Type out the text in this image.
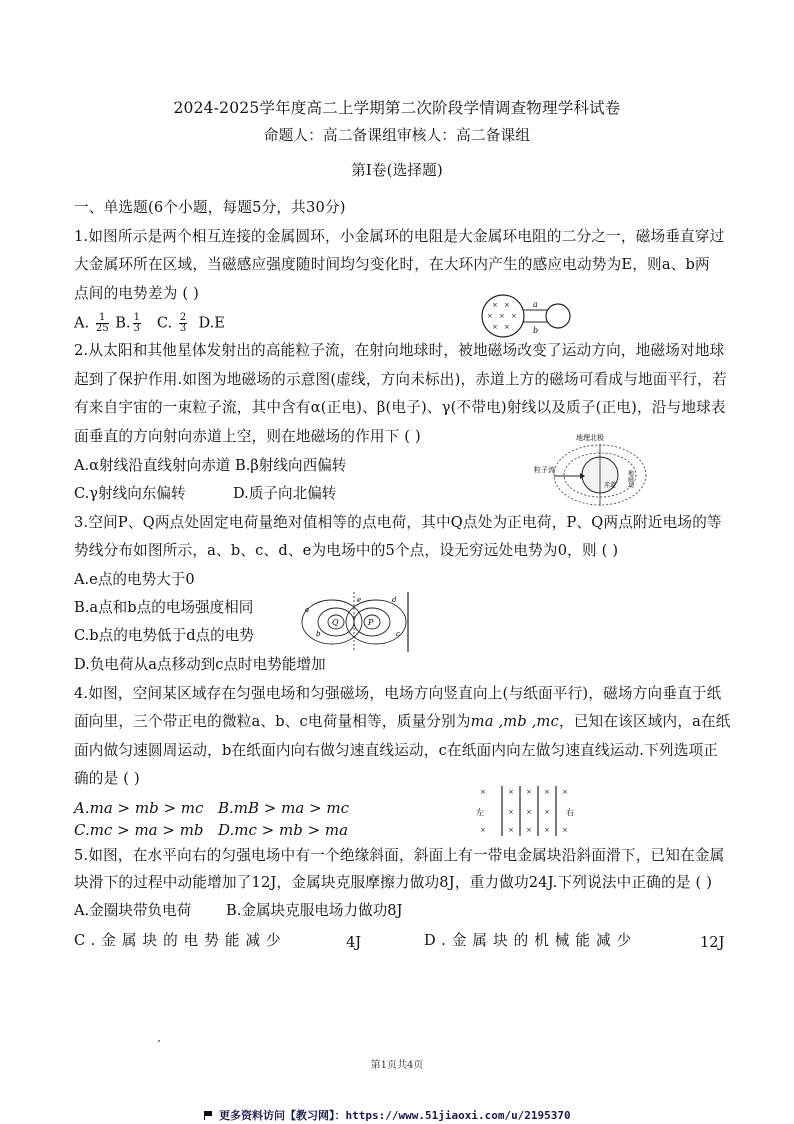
2024-2025学年度高二上学期第二次阶段学情调查物理学科试卷
命题人：高二备课组审核人：高二备课组
第Ⅰ卷(选择题)
一、单选题(6个小题，每题5分，共30分)
1.如图所示是两个相互连接的金属圆环，小金属环的电阻是大金属环电阻的二分之一，磁场垂直穿过
大金属环所在区域，当磁感应强度随时间均匀变化时，在大环内产生的感应电动势为E，则a、b两
点间的电势差为 ( )
A. $\frac{1}{25} B$. $\frac{1}{3} C$. $\frac{2}{3} D.E$
× ×
× × ×
× ×
a
b
2.从太阳和其他星体发射出的高能粒子流，在射向地球时，被地磁场改变了运动方向，地磁场对地球
起到了保护作用.如图为地磁场的示意图(虚线，方向未标出)，赤道上方的磁场可看成与地面平行，若
有来自宇宙的一束粒子流，其中含有α(正电)、β(电子)、γ(不带电)射线以及质子(正电)，沿与地球表
面垂直的方向射向赤道上空，则在地磁场的作用下 ( )
A.α射线沿直线射向赤道 B.β射线向西偏转
C.γ射线向东偏转	D.质子向北偏转
地理北极
粒子流
赤道 地磁场
3.空间P、Q两点处固定电荷量绝对值相等的点电荷，其中Q点处为正电荷，P、Q两点附近电场的等
势线分布如图所示，a、b、c、d、e为电场中的5个点，设无穷远处电势为0，则 ( )
A.e点的电势大于0
B.a点和b点的电场强度相同
C.b点的电势低于d点的电势
D.负电荷从a点移动到c点时电势能增加
Q	P
a
b	c
d
e
4.如图，空间某区域存在匀强电场和匀强磁场，电场方向竖直向上(与纸面平行)，磁场方向垂直于纸
面向里，三个带正电的微粒a、b、c电荷量相等，质量分别为ma ,mb ,mc，已知在该区域内，a在纸
面内做匀速圆周运动，b在纸面内向右做匀速直线运动，c在纸面内向左做匀速直线运动.下列选项正
确的是 ( )
A.ma > mb > mc B.mB > ma > mc
C.mc > ma > mb D.mc > mb > ma
×	× × × ×
× × ×
×	× × × ×
左	右
5.如图，在水平向右的匀强电场中有一个绝缘斜面，斜面上有一带电金属块沿斜面滑下，已知在金属
块滑下的过程中动能增加了12J，金属块克服摩擦力做功8J，重力做功24J.下列说法中正确的是 ( )
A.金圈块带负电荷 B.金属块克服电场力做功8J
C.金属块的电势能减少	4J	D.金属块的机械能减少	12J
第1页共4页
更多资料访问【教习网】：https://www.51jiaoxi.com/u/2195370
